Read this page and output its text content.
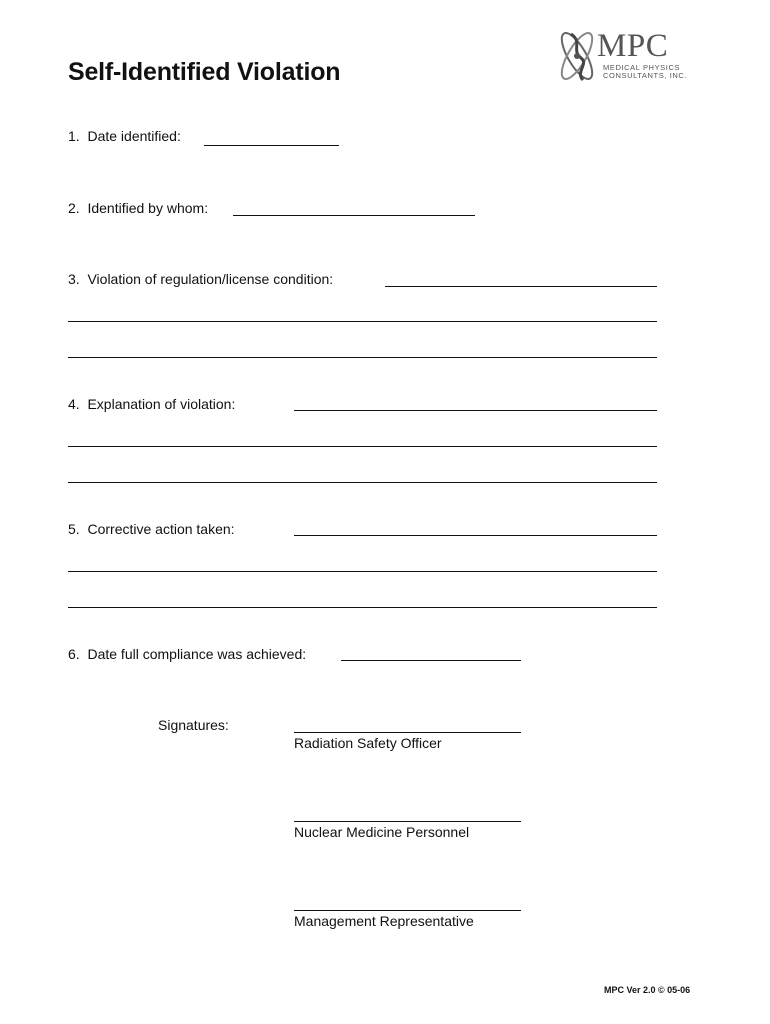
MPC
MEDICAL PHYSICS
CONSULTANTS, INC.
Self-Identified Violation
1. Date identified:
2. Identified by whom:
3. Violation of regulation/license condition:
4. Explanation of violation:
5. Corrective action taken:
6. Date full compliance was achieved:
Signatures:
Radiation Safety Officer
Nuclear Medicine Personnel
Management Representative
MPC Ver 2.0 © 05-06
